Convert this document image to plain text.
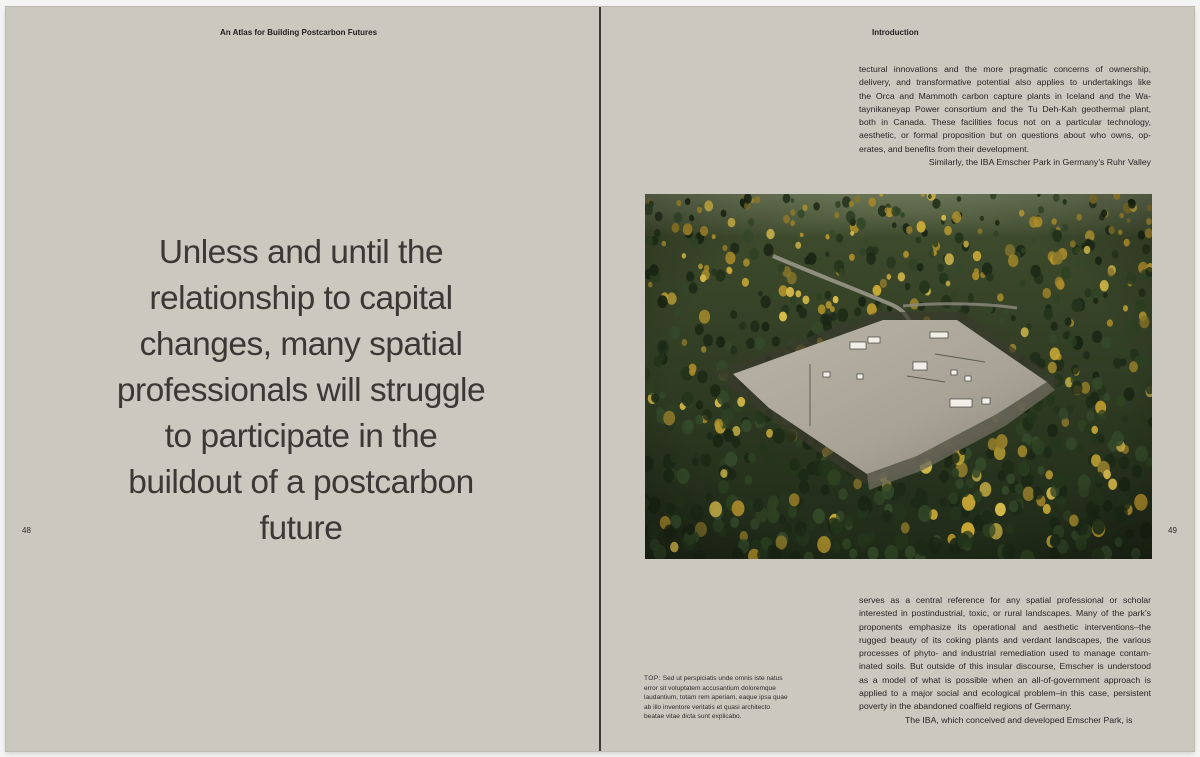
An Atlas for Building Postcarbon Futures
Unless and until the
relationship to capital
changes, many spatial
professionals will struggle
to participate in the
buildout of a postcarbon
future
48
Introduction
tectural innovations and the more pragmatic concerns of ownership,
delivery, and transformative potential also applies to undertakings like
the Orca and Mammoth carbon capture plants in Iceland and the Wa-
taynikaneyap Power consortium and the Tu Deh-Kah geothermal plant,
both in Canada. These facilities focus not on a particular technology,
aesthetic, or formal proposition but on questions about who owns, op-
erates, and benefits from their development.
Similarly, the IBA Emscher Park in Germany’s Ruhr Valley
49
serves as a central reference for any spatial professional or scholar
interested in postindustrial, toxic, or rural landscapes. Many of the park’s
proponents emphasize its operational and aesthetic interventions–the
rugged beauty of its coking plants and verdant landscapes, the various
processes of phyto- and industrial remediation used to manage contam-
inated soils. But outside of this insular discourse, Emscher is understood
as a model of what is possible when an all-of-government approach is
applied to a major social and ecological problem–in this case, persistent
poverty in the abandoned coalfield regions of Germany.
The IBA, which conceived and developed Emscher Park, is
TOP: Sed ut perspiciatis unde omnis iste natus
error sit voluptatem accusantium doloremque
laudantium, totam rem aperiam, eaque ipsa quae
ab illo inventore veritatis et quasi architecto
beatae vitae dicta sunt explicabo.
